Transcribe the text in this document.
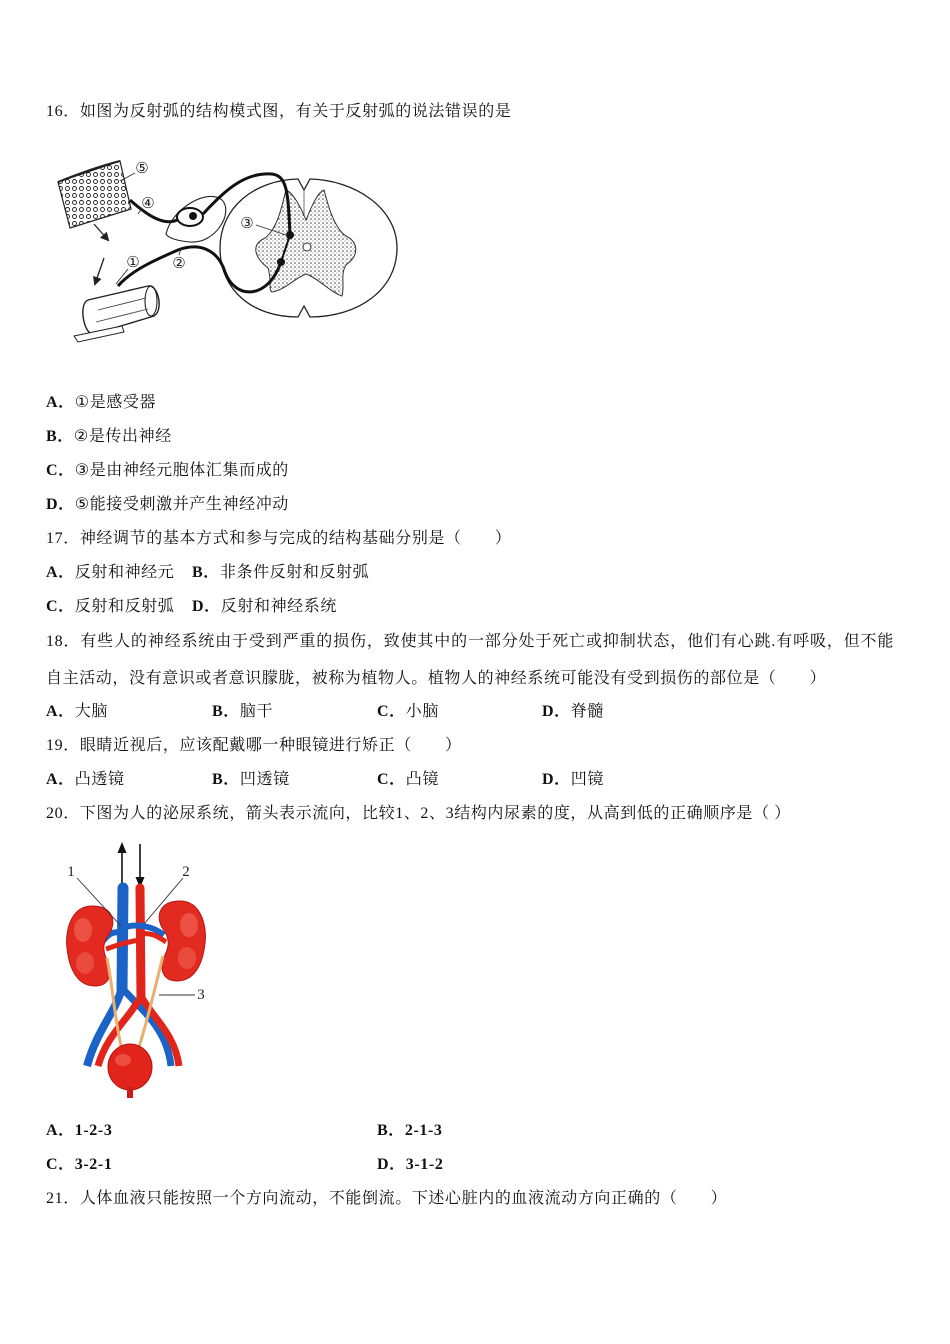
16．如图为反射弧的结构模式图，有关于反射弧的说法错误的是
⑤
④
③
① ②
A．①是感受器
B．②是传出神经
C．③是由神经元胞体汇集而成的
D．⑤能接受刺激并产生神经冲动
17．神经调节的基本方式和参与完成的结构基础分别是（　　）
A．反射和神经元 B．非条件反射和反射弧
C．反射和反射弧 D．反射和神经系统
18．有些人的神经系统由于受到严重的损伤，致使其中的一部分处于死亡或抑制状态，他们有心跳.有呼吸，但不能自主活动，没有意识或者意识朦胧，被称为植物人。植物人的神经系统可能没有受到损伤的部位是（　　）
A．大脑	B．脑干	C．小脑	D．脊髓
19．眼睛近视后，应该配戴哪一种眼镜进行矫正（　　）
A．凸透镜	B．凹透镜	C．凸镜	D．凹镜
20．下图为人的泌尿系统，箭头表示流向，比较1、2、3结构内尿素的度，从高到低的正确顺序是（ ）
1	2
3
A．1-2-3	B．2-1-3
C．3-2-1	D．3-1-2
21．人体血液只能按照一个方向流动，不能倒流。下述心脏内的血液流动方向正确的（　　）
